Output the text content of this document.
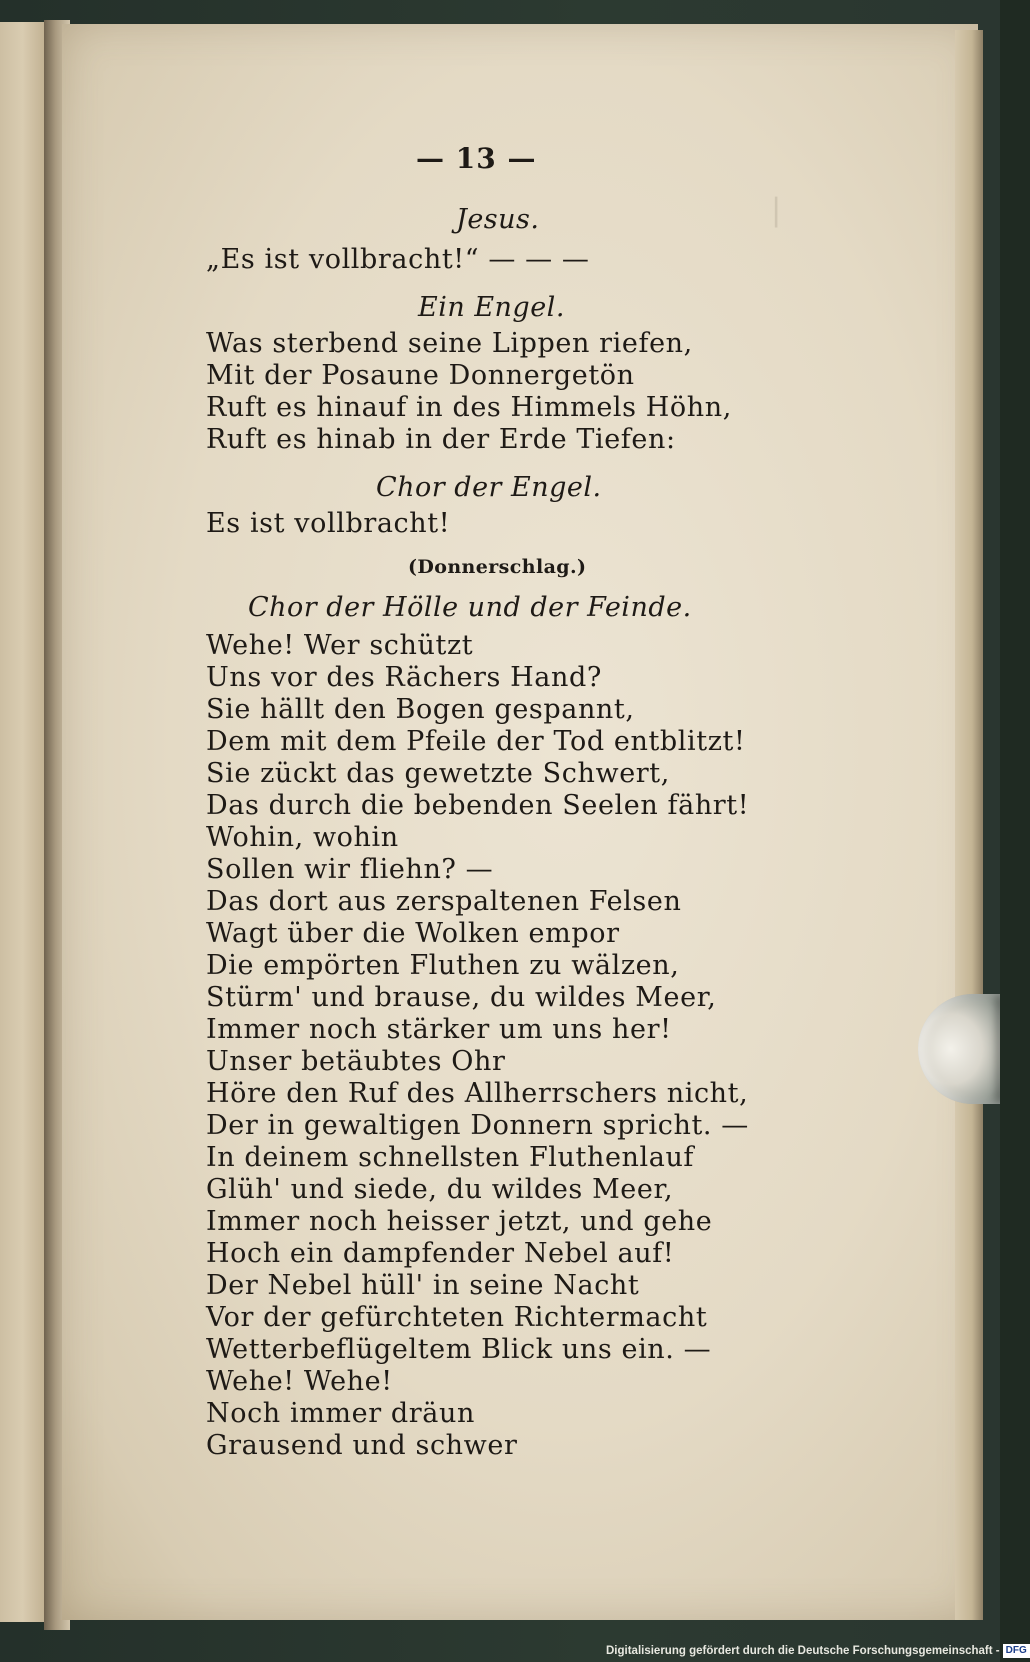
▏
— 13 —
Jesus.
„Es ist vollbracht!“ — — —
Ein Engel.
Was sterbend seine Lippen riefen,
Mit der Posaune Donnergetön
Ruft es hinauf in des Himmels Höhn,
Ruft es hinab in der Erde Tiefen:
Chor der Engel.
Es ist vollbracht!
(Donnerschlag.)
Chor der Hölle und der Feinde.
Wehe! Wer schützt
Uns vor des Rächers Hand?
Sie hällt den Bogen gespannt,
Dem mit dem Pfeile der Tod entblitzt!
Sie zückt das gewetzte Schwert,
Das durch die bebenden Seelen fährt!
Wohin, wohin
Sollen wir fliehn? —
Das dort aus zerspaltenen Felsen
Wagt über die Wolken empor
Die empörten Fluthen zu wälzen,
Stürm' und brause, du wildes Meer,
Immer noch stärker um uns her!
Unser betäubtes Ohr
Höre den Ruf des Allherrschers nicht,
Der in gewaltigen Donnern spricht. —
In deinem schnellsten Fluthenlauf
Glüh' und siede, du wildes Meer,
Immer noch heisser jetzt, und gehe
Hoch ein dampfender Nebel auf!
Der Nebel hüll' in seine Nacht
Vor der gefürchteten Richtermacht
Wetterbeflügeltem Blick uns ein. —
Wehe! Wehe!
Noch immer dräun
Grausend und schwer
Digitalisierung gefördert durch die Deutsche Forschungsgemeinschaft - DFG
